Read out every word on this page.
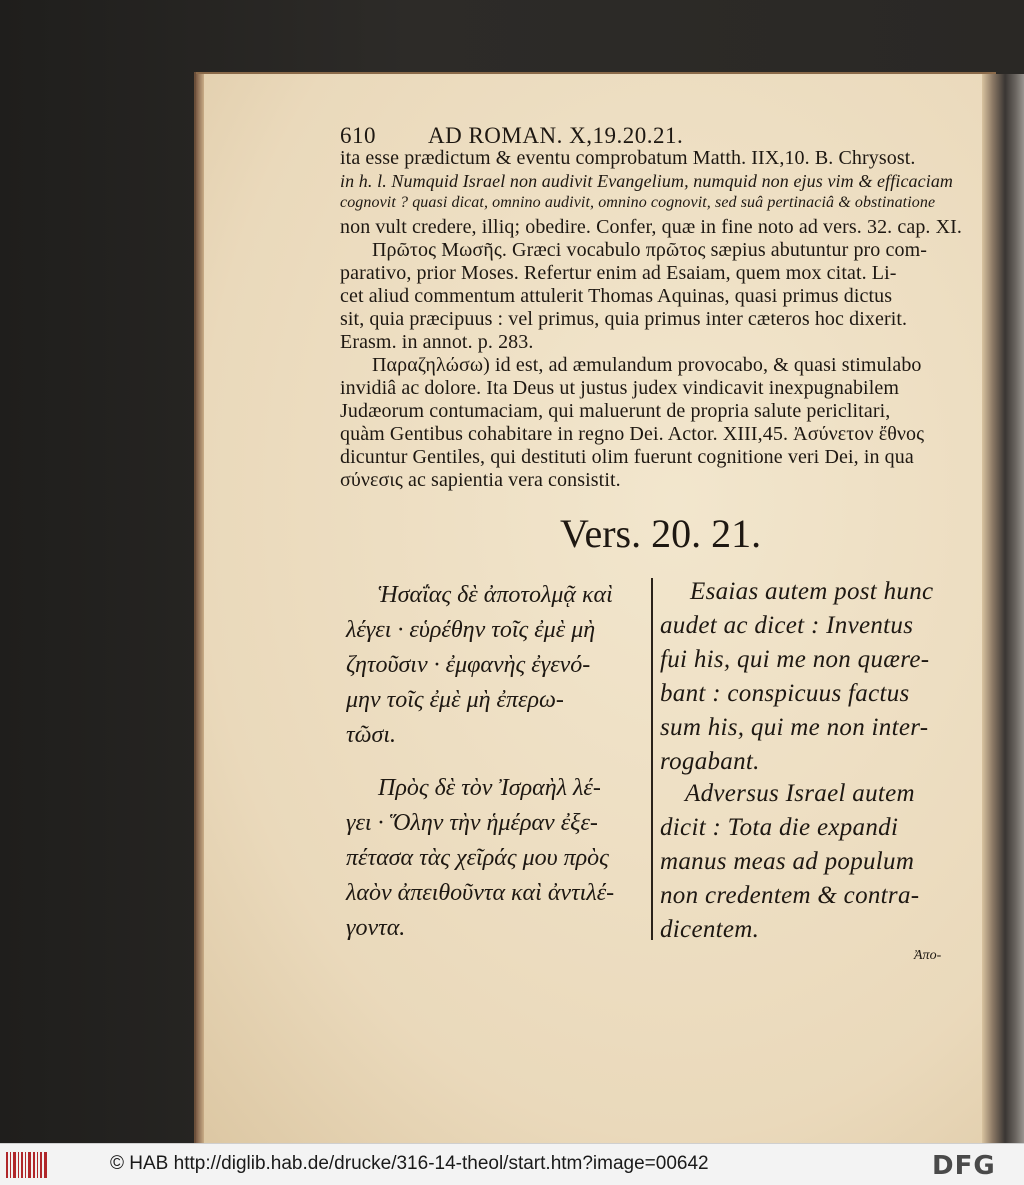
610 AD ROMAN. X,19.20.21.
ita esse prædictum & eventu comprobatum Matth. IIX,10. B. Chrysost.
in h. l. Numquid Israel non audivit Evangelium, numquid non ejus vim & efficaciam
cognovit ? quasi dicat, omnino audivit, omnino cognovit, sed suâ pertinaciâ & obstinatione
non vult credere, illiq; obedire. Confer, quæ in fine noto ad vers. 32. cap. XI.
Πρῶτος Μωσῆς. Græci vocabulo πρῶτος sæpius abutuntur pro com-
parativo, prior Moses. Refertur enim ad Esaiam, quem mox citat. Li-
cet aliud commentum attulerit Thomas Aquinas, quasi primus dictus
sit, quia præcipuus : vel primus, quia primus inter cæteros hoc dixerit.
Erasm. in annot. p. 283.
Παραζηλώσω) id est, ad æmulandum provocabo, & quasi stimulabo
invidiâ ac dolore. Ita Deus ut justus judex vindicavit inexpugnabilem
Judæorum contumaciam, qui maluerunt de propria salute periclitari,
quàm Gentibus cohabitare in regno Dei. Actor. XIII,45. Ἀσύνετον ἔθνος
dicuntur Gentiles, qui destituti olim fuerunt cognitione veri Dei, in qua
σύνεσις ac sapientia vera consistit.
Vers. 20. 21.
Ἡσαΐας δὲ ἀποτολμᾷ καὶ
λέγει · εὑρέθην τοῖς ἐμὲ μὴ
ζητοῦσιν · ἐμφανὴς ἐγενό-
μην τοῖς ἐμὲ μὴ ἐπερω-
τῶσι.
Πρὸς δὲ τὸν Ἰσραὴλ λέ-
γει · Ὅλην τὴν ἡμέραν ἐξε-
πέτασα τὰς χεῖράς μου πρὸς
λαὸν ἀπειθοῦντα καὶ ἀντιλέ-
γοντα.
Esaias autem post hunc
audet ac dicet : Inventus
fui his, qui me non quære-
bant : conspicuus factus
sum his, qui me non inter-
rogabant.
Adversus Israel autem
dicit : Tota die expandi
manus meas ad populum
non credentem & contra-
dicentem.
Ἀπο-
© HAB http://diglib.hab.de/drucke/316-14-theol/start.htm?image=00642	DFG
